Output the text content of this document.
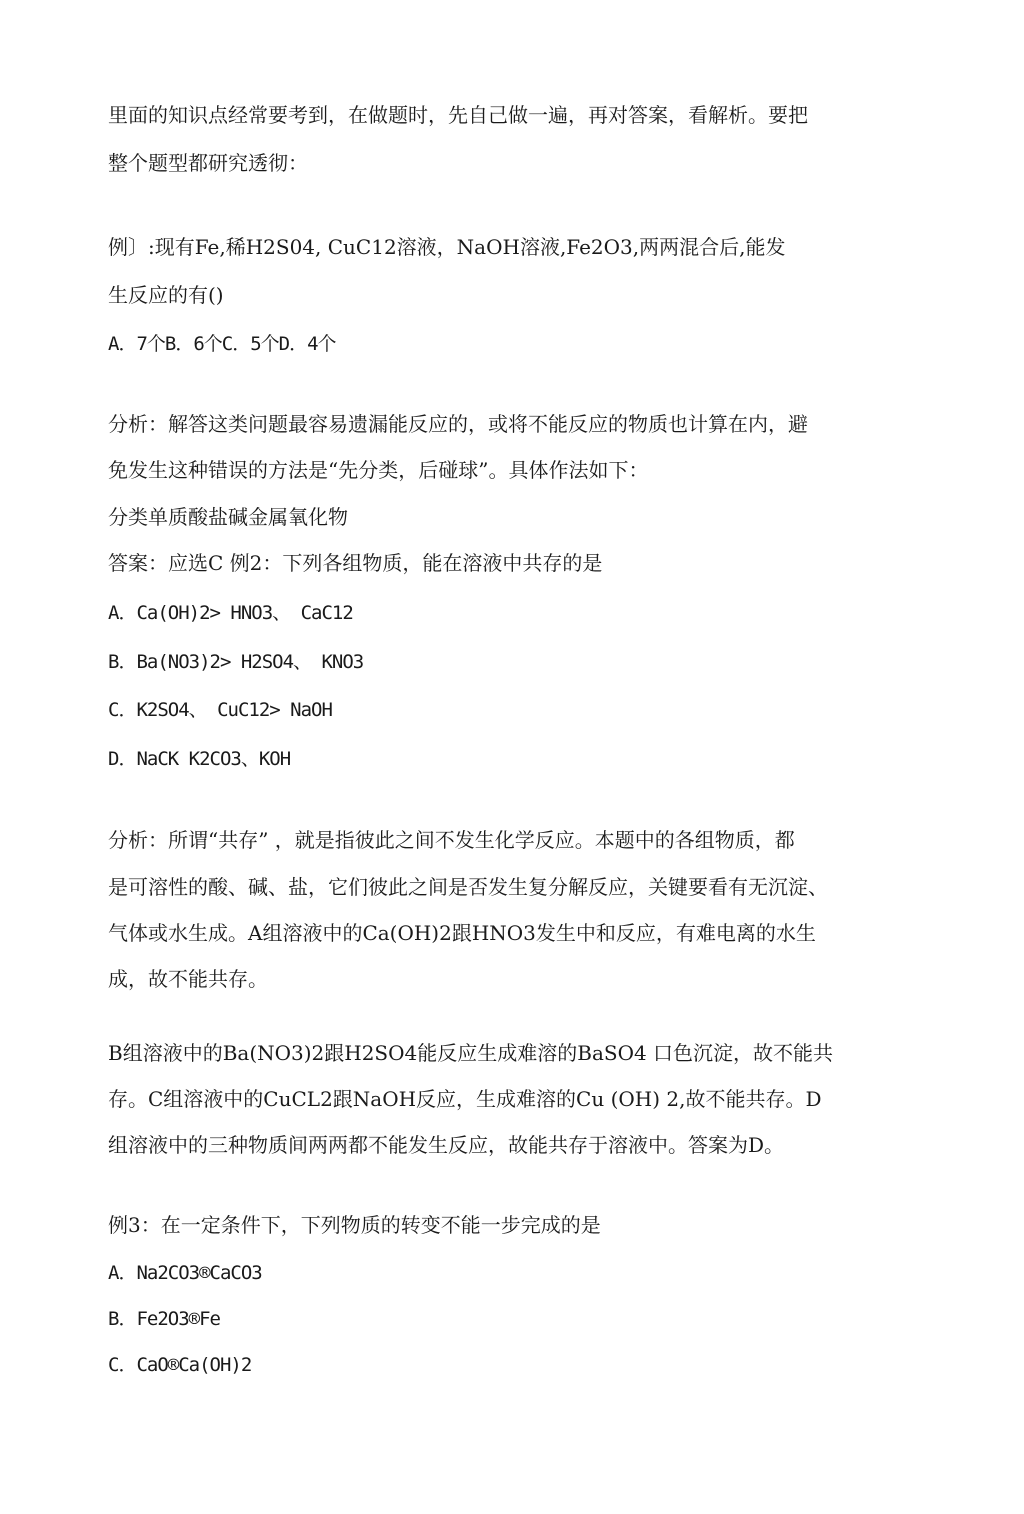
里面的知识点经常要考到，在做题时，先自己做一遍，再对答案，看解析。要把

整个题型都研究透彻：

例〕:现有Fe,稀H2S04, CuC12溶液，NaOH溶液,Fe2O3,两两混合后,能发

生反应的有()

A．7个B．6个C．5个D．4个

分析：解答这类问题最容易遗漏能反应的，或将不能反应的物质也计算在内，避

免发生这种错误的方法是“先分类，后碰球”。具体作法如下：

分类单质酸盐碱金属氧化物

答案：应选C 例2：下列各组物质，能在溶液中共存的是

A．Ca(OH)2> HNO3、 CaC12

B．Ba(NO3)2> H2SO4、 KNO3

C．K2SO4、 CuC12> NaOH

D．NaCK K2CO3、KOH

分析：所谓“共存” ，就是指彼此之间不发生化学反应。本题中的各组物质，都

是可溶性的酸、碱、盐，它们彼此之间是否发生复分解反应，关键要看有无沉淀、

气体或水生成。A组溶液中的Ca(OH)2跟HNO3发生中和反应，有难电离的水生

成，故不能共存。

B组溶液中的Ba(NO3)2跟H2SO4能反应生成难溶的BaSO4 口色沉淀，故不能共

存。C组溶液中的CuCL2跟NaOH反应，生成难溶的Cu (OH) 2,故不能共存。D

组溶液中的三种物质间两两都不能发生反应，故能共存于溶液中。答案为D。

例3：在一定条件下，下列物质的转变不能一步完成的是

A．Na2CO3®CaCO3

B．Fe2O3®Fe

C．CaO®Ca(OH)2
